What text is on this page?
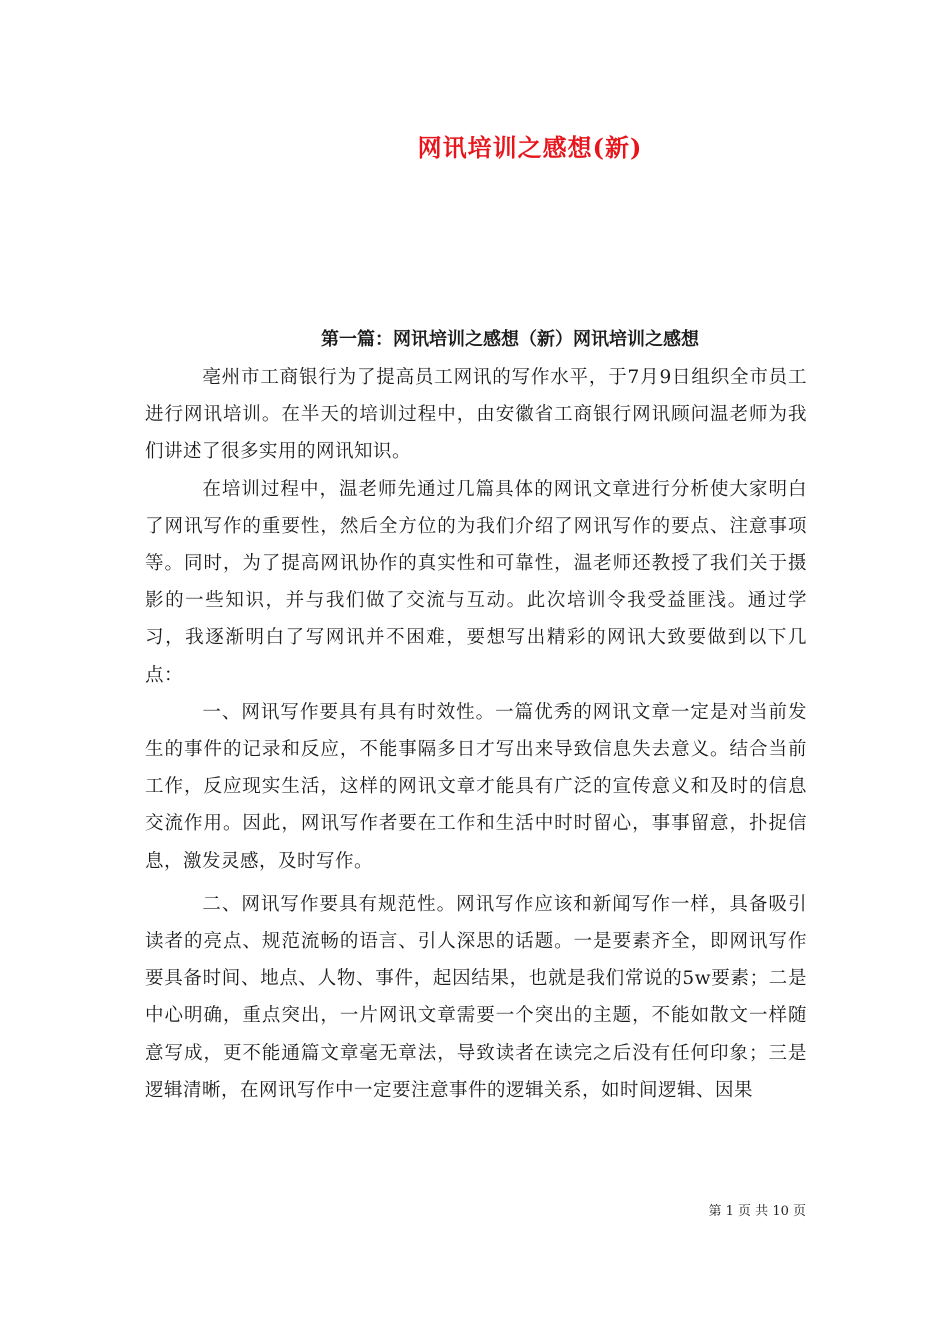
网讯培训之感想(新)
第一篇：网讯培训之感想（新）网讯培训之感想

亳州市工商银行为了提高员工网讯的写作水平，于7月9日组织全市员工进行网讯培训。在半天的培训过程中，由安徽省工商银行网讯顾问温老师为我们讲述了很多实用的网讯知识。

在培训过程中，温老师先通过几篇具体的网讯文章进行分析使大家明白了网讯写作的重要性，然后全方位的为我们介绍了网讯写作的要点、注意事项等。同时，为了提高网讯协作的真实性和可靠性，温老师还教授了我们关于摄影的一些知识，并与我们做了交流与互动。此次培训令我受益匪浅。通过学习，我逐渐明白了写网讯并不困难，要想写出精彩的网讯大致要做到以下几点：

一、网讯写作要具有具有时效性。一篇优秀的网讯文章一定是对当前发生的事件的记录和反应，不能事隔多日才写出来导致信息失去意义。结合当前工作，反应现实生活，这样的网讯文章才能具有广泛的宣传意义和及时的信息交流作用。因此，网讯写作者要在工作和生活中时时留心，事事留意，扑捉信息，激发灵感，及时写作。

二、网讯写作要具有规范性。网讯写作应该和新闻写作一样，具备吸引读者的亮点、规范流畅的语言、引人深思的话题。一是要素齐全，即网讯写作要具备时间、地点、人物、事件，起因结果，也就是我们常说的5w要素；二是中心明确，重点突出，一片网讯文章需要一个突出的主题，不能如散文一样随意写成，更不能通篇文章毫无章法，导致读者在读完之后没有任何印象；三是逻辑清晰，在网讯写作中一定要注意事件的逻辑关系，如时间逻辑、因果

第 1 页 共 10 页
